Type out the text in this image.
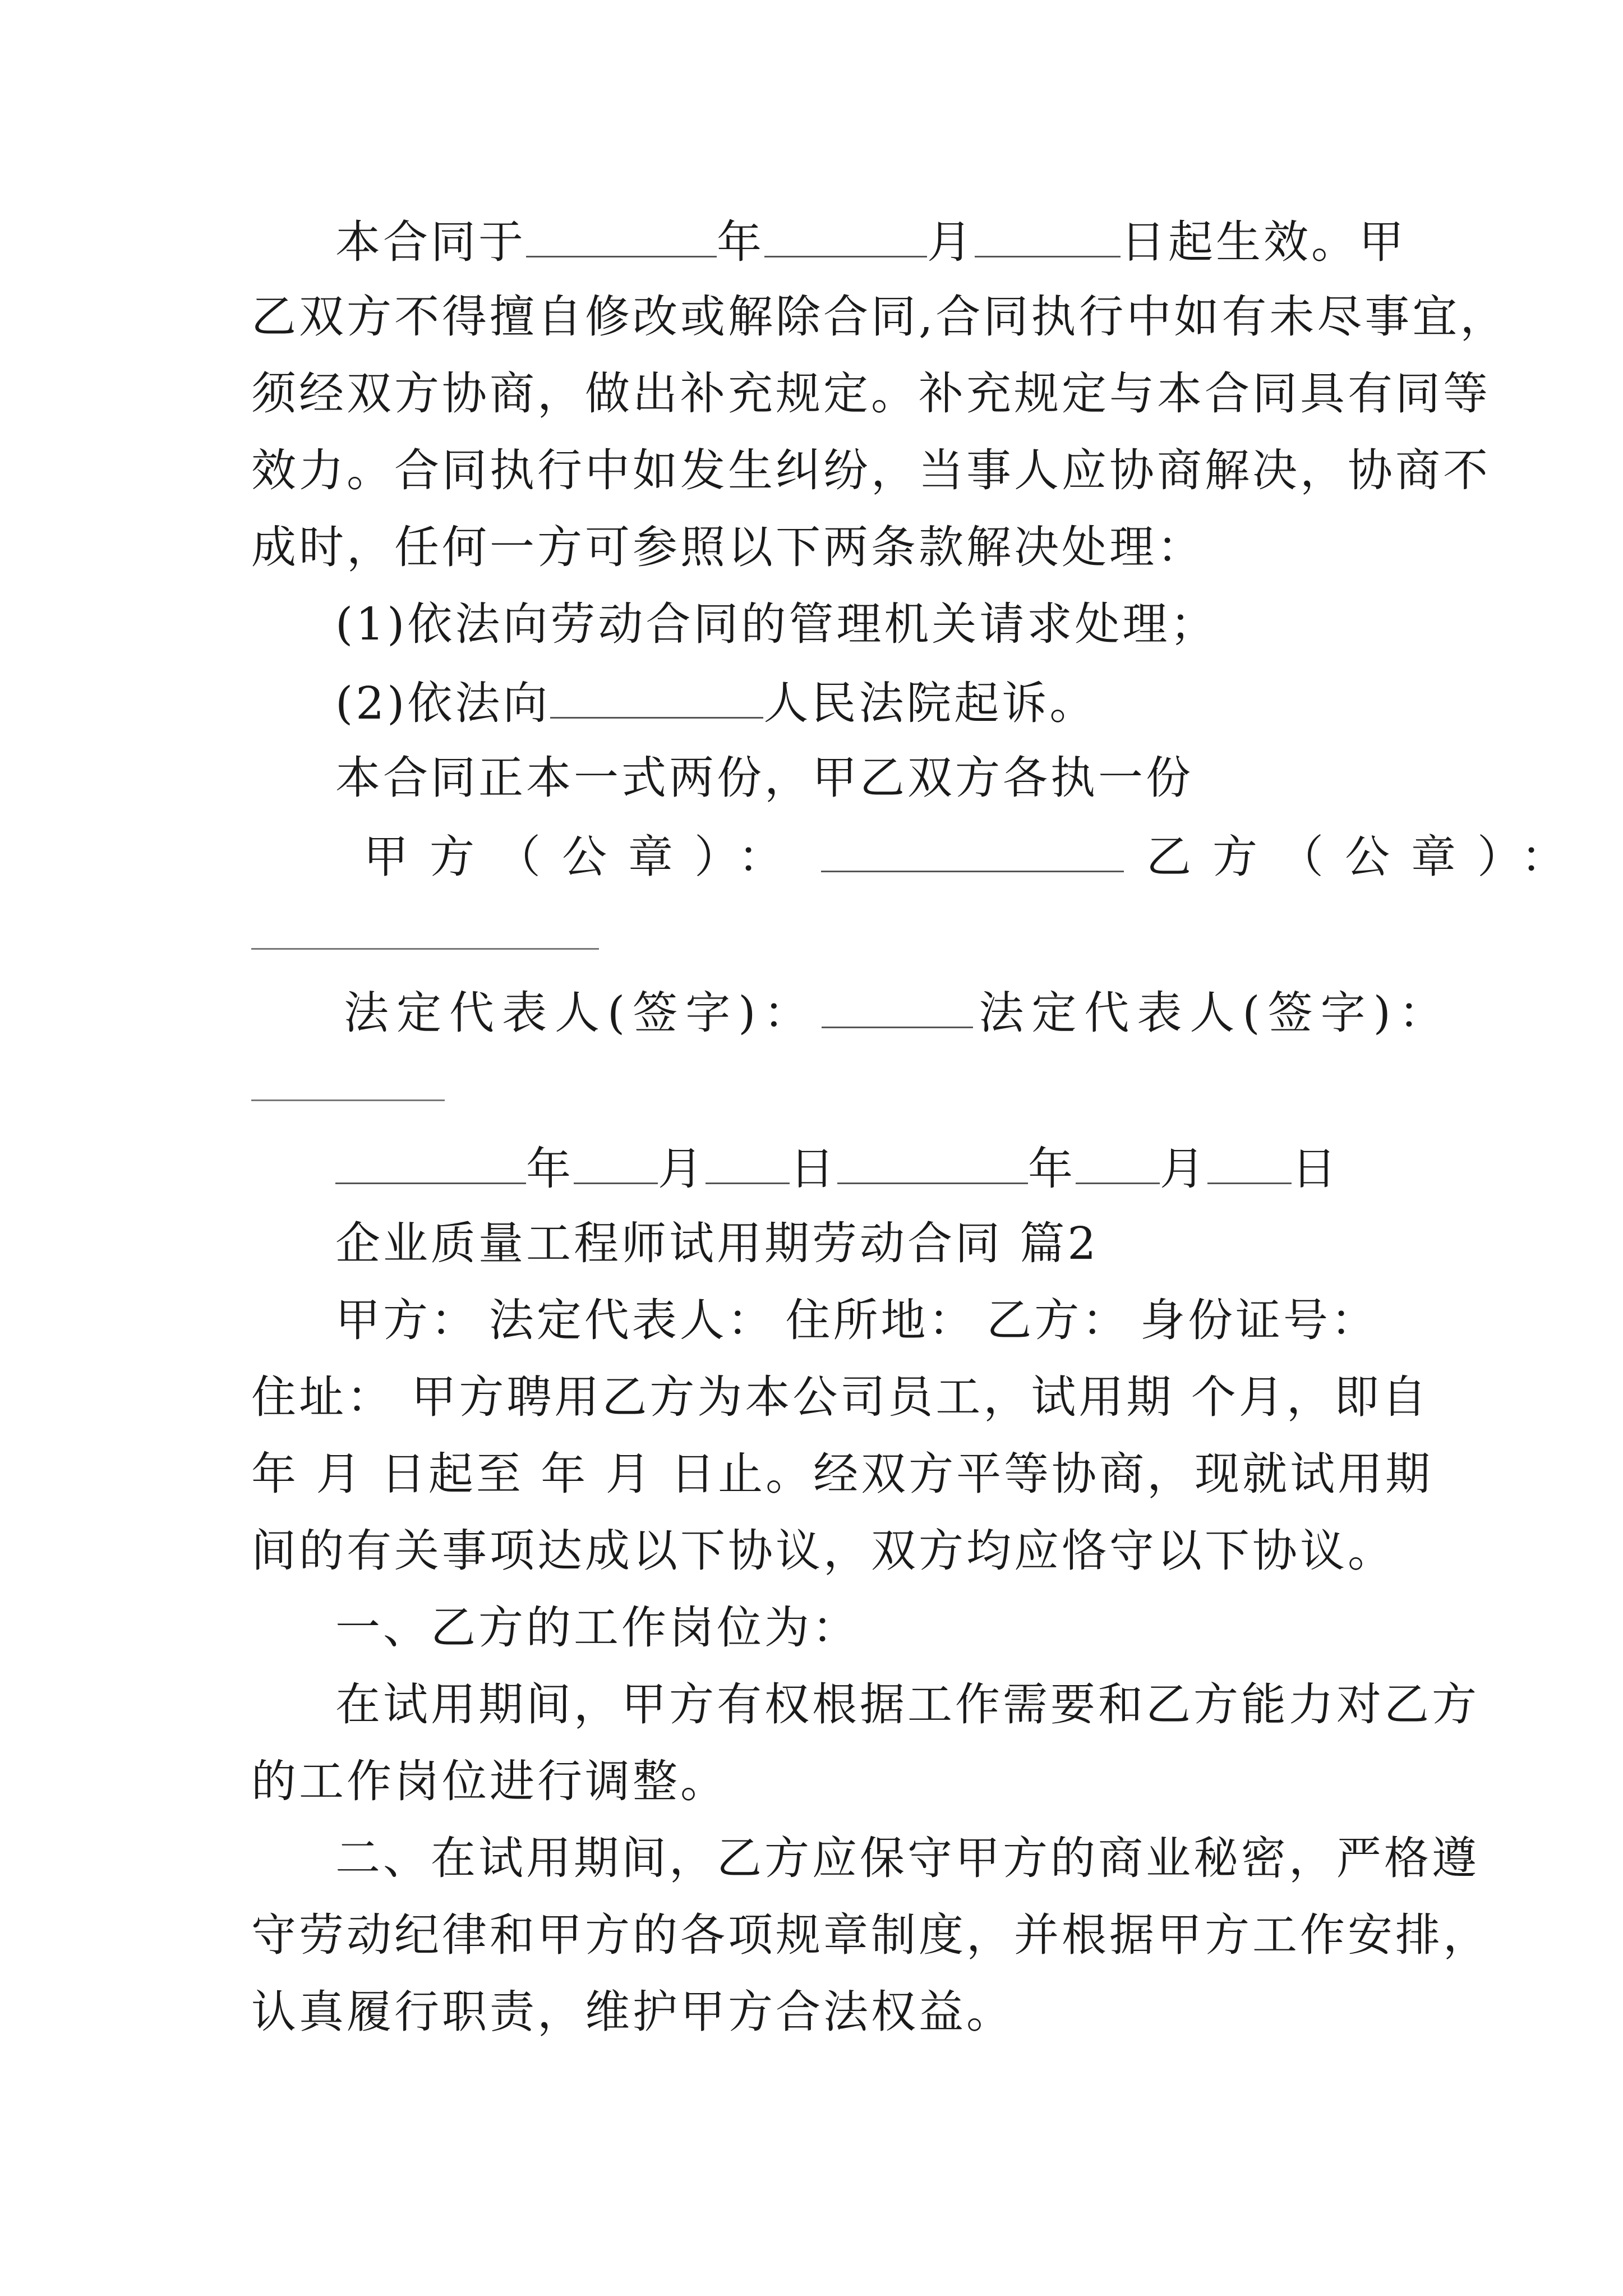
本合同于	年	月	日起生效。甲
乙双方不得擅自修改或解除合同,合同执行中如有未尽事宜，
须经双方协商，做出补充规定。补充规定与本合同具有同等
效力。合同执行中如发生纠纷，当事人应协商解决，协商不
成时，任何一方可参照以下两条款解决处理：
(1)依法向劳动合同的管理机关请求处理；
(2)依法向	人民法院起诉。
本合同正本一式两份，甲乙双方各执一份
甲方（公章）：	乙方（公章）：
法定代表人(签字)：	法定代表人(签字)：
年 月 日	年 月 日
企业质量工程师试用期劳动合同 篇2
甲方： 法定代表人： 住所地： 乙方： 身份证号：
住址： 甲方聘用乙方为本公司员工，试用期 个月，即自
年 月 日起至 年 月 日止。经双方平等协商，现就试用期
间的有关事项达成以下协议，双方均应恪守以下协议。
一、乙方的工作岗位为：
在试用期间，甲方有权根据工作需要和乙方能力对乙方
的工作岗位进行调整。
二、在试用期间，乙方应保守甲方的商业秘密，严格遵
守劳动纪律和甲方的各项规章制度，并根据甲方工作安排，
认真履行职责，维护甲方合法权益。
